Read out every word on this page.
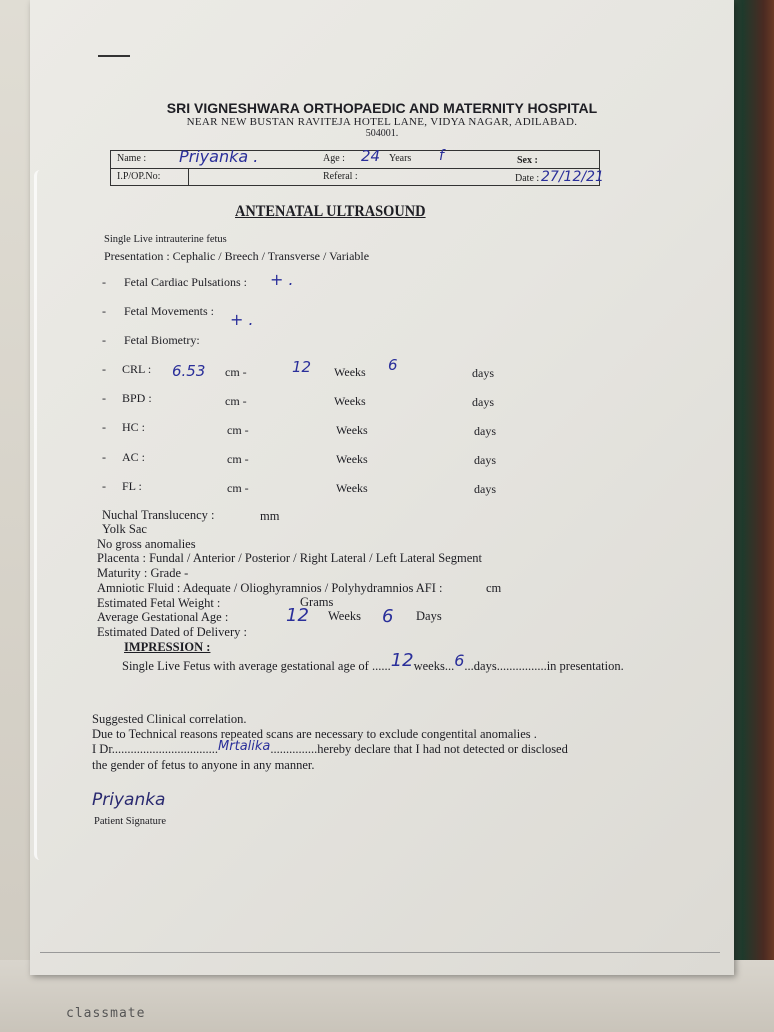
classmate
SRI VIGNESHWARA ORTHOPAEDIC AND MATERNITY HOSPITAL
NEAR NEW BUSTAN RAVITEJA HOTEL LANE, VIDYA NAGAR, ADILABAD.
504001.
Name : Priyanka .	Age : 24 Years f	Sex :
I.P/OP.No:	Referal :	Date : 27/12/21
ANTENATAL ULTRASOUND
Single Live intrauterine fetus
Presentation : Cephalic / Breech / Transverse / Variable
- Fetal Cardiac Pulsations : + .
- Fetal Movements : + .
- Fetal Biometry:
- CRL : 6.53 cm -	12 Weeks 6	days
- BPD :	cm -	Weeks	days
- HC :	cm -	Weeks	days
- AC :	cm -	Weeks	days
- FL :	cm -	Weeks	days
Nuchal Translucency :	mm
Yolk Sac
No gross anomalies
Placenta : Fundal / Anterior / Posterior / Right Lateral / Left Lateral Segment
Maturity : Grade -
Amniotic Fluid : Adequate / Olioghyramnios / Polyhydramnios AFI :	cm
Estimated Fetal Weight :	Grams
Average Gestational Age :	12 Weeks 6 Days
Estimated Dated of Delivery :
IMPRESSION :
Single Live Fetus with average gestational age of ......12weeks...6...days................in presentation.
Suggested Clinical correlation.
Due to Technical reasons repeated scans are necessary to exclude congentital anomalies .
I Dr..................................Mrtalika...............hereby declare that I had not detected or disclosed
the gender of fetus to anyone in any manner.
Priyanka
Patient Signature
